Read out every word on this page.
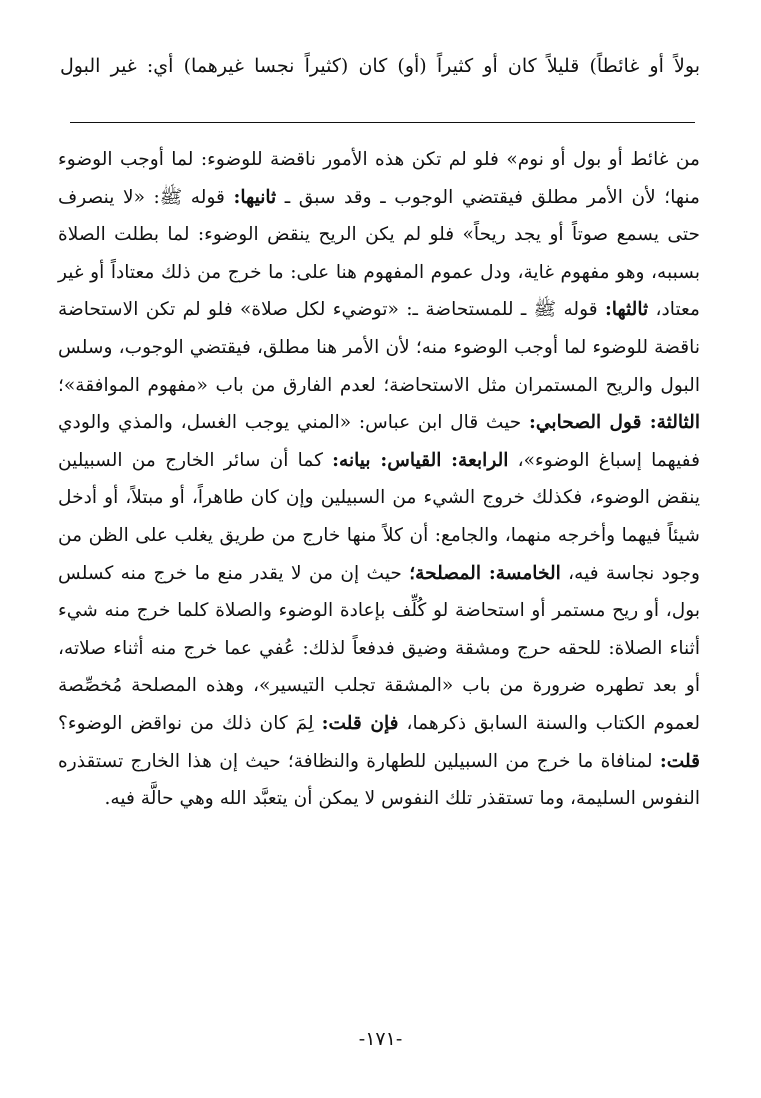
بولاً أو غائطاً) قليلاً كان أو كثيراً (أو) كان (كثيراً نجسا غيرهما) أي: غير البول

من غائط أو بول أو نوم» فلو لم تكن هذه الأمور ناقضة للوضوء: لما أوجب الوضوء منها؛ لأن الأمر مطلق فيقتضي الوجوب ـ وقد سبق ـ ثانيها: قوله ﷺ: «لا ينصرف حتى يسمع صوتاً أو يجد ريحاً» فلو لم يكن الريح ينقض الوضوء: لما بطلت الصلاة بسببه، وهو مفهوم غاية، ودل عموم المفهوم هنا على: ما خرج من ذلك معتاداً أو غير معتاد، ثالثها: قوله ﷺ ـ للمستحاضة ـ: «توضيء لكل صلاة» فلو لم تكن الاستحاضة ناقضة للوضوء لما أوجب الوضوء منه؛ لأن الأمر هنا مطلق، فيقتضي الوجوب، وسلس البول والريح المستمران مثل الاستحاضة؛ لعدم الفارق من باب «مفهوم الموافقة»؛ الثالثة: قول الصحابي: حيث قال ابن عباس: «المني يوجب الغسل، والمذي والودي ففيهما إسباغ الوضوء»، الرابعة: القياس: بيانه: كما أن سائر الخارج من السبيلين ينقض الوضوء، فكذلك خروج الشيء من السبيلين وإن كان طاهراً، أو مبتلاً، أو أدخل شيئاً فيهما وأخرجه منهما، والجامع: أن كلاً منها خارج من طريق يغلب على الظن من وجود نجاسة فيه، الخامسة: المصلحة؛ حيث إن من لا يقدر منع ما خرج منه كسلس بول، أو ريح مستمر أو استحاضة لو كُلِّف بإعادة الوضوء والصلاة كلما خرج منه شيء أثناء الصلاة: للحقه حرج ومشقة وضيق فدفعاً لذلك: عُفي عما خرج منه أثناء صلاته، أو بعد تطهره ضرورة من باب «المشقة تجلب التيسير»، وهذه المصلحة مُخصِّصة لعموم الكتاب والسنة السابق ذكرهما، فإن قلت: لِمَ كان ذلك من نواقض الوضوء؟ قلت: لمنافاة ما خرج من السبيلين للطهارة والنظافة؛ حيث إن هذا الخارج تستقذره النفوس السليمة، وما تستقذر تلك النفوس لا يمكن أن يتعبَّد الله وهي حالَّة فيه.

-١٧١-
